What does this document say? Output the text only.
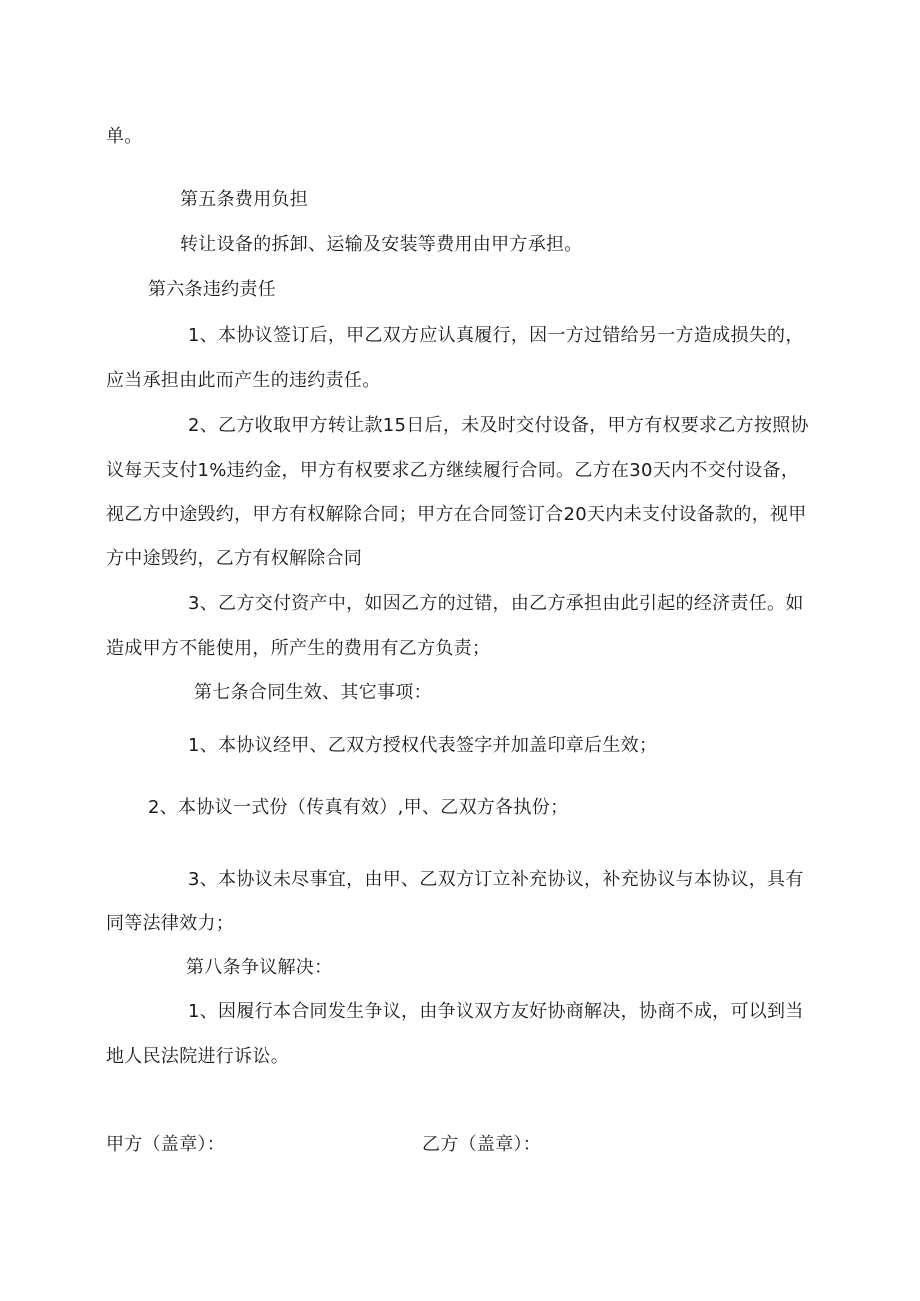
单。
第五条费用负担
转让设备的拆卸、运输及安装等费用由甲方承担。
第六条违约责任
1、本协议签订后，甲乙双方应认真履行，因一方过错给另一方造成损失的，
应当承担由此而产生的违约责任。
2、乙方收取甲方转让款15日后，未及时交付设备，甲方有权要求乙方按照协
议每天支付1%违约金，甲方有权要求乙方继续履行合同。乙方在30天内不交付设备，
视乙方中途毁约，甲方有权解除合同；甲方在合同签订合20天内未支付设备款的，视甲
方中途毁约，乙方有权解除合同
3、乙方交付资产中，如因乙方的过错，由乙方承担由此引起的经济责任。如
造成甲方不能使用，所产生的费用有乙方负责；
第七条合同生效、其它事项：
1、本协议经甲、乙双方授权代表签字并加盖印章后生效；
2、本协议一式份（传真有效）,甲、乙双方各执份；
3、本协议未尽事宜，由甲、乙双方订立补充协议，补充协议与本协议，具有
同等法律效力；
第八条争议解决：
1、因履行本合同发生争议，由争议双方友好协商解决，协商不成，可以到当
地人民法院进行诉讼。
甲方（盖章）：	乙方（盖章）：
